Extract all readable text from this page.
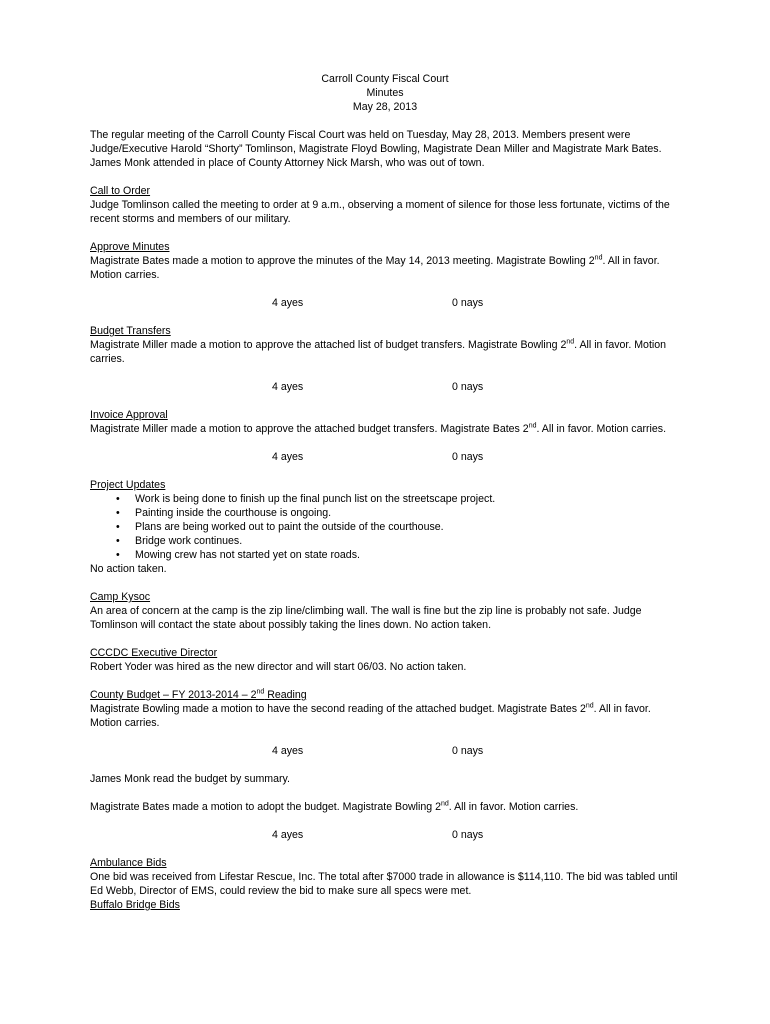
Carroll County Fiscal Court
Minutes
May 28, 2013

The regular meeting of the Carroll County Fiscal Court was held on Tuesday, May 28, 2013. Members present were Judge/Executive Harold “Shorty” Tomlinson, Magistrate Floyd Bowling, Magistrate Dean Miller and Magistrate Mark Bates. James Monk attended in place of County Attorney Nick Marsh, who was out of town.

Call to Order
Judge Tomlinson called the meeting to order at 9 a.m., observing a moment of silence for those less fortunate, victims of the recent storms and members of our military.
Approve Minutes
Magistrate Bates made a motion to approve the minutes of the May 14, 2013 meeting. Magistrate Bowling 2nd. All in favor. Motion carries.
4 ayes	0 nays
Budget Transfers
Magistrate Miller made a motion to approve the attached list of budget transfers. Magistrate Bowling 2nd. All in favor. Motion carries.
4 ayes	0 nays
Invoice Approval
Magistrate Miller made a motion to approve the attached budget transfers. Magistrate Bates 2nd. All in favor. Motion carries.
4 ayes	0 nays
Project Updates
• Work is being done to finish up the final punch list on the streetscape project.
• Painting inside the courthouse is ongoing.
• Plans are being worked out to paint the outside of the courthouse.
• Bridge work continues.
• Mowing crew has not started yet on state roads.
No action taken.
Camp Kysoc
An area of concern at the camp is the zip line/climbing wall. The wall is fine but the zip line is probably not safe. Judge Tomlinson will contact the state about possibly taking the lines down. No action taken.
CCCDC Executive Director
Robert Yoder was hired as the new director and will start 06/03. No action taken.
County Budget – FY 2013-2014 – 2nd Reading
Magistrate Bowling made a motion to have the second reading of the attached budget. Magistrate Bates 2nd. All in favor. Motion carries.
4 ayes	0 nays

James Monk read the budget by summary.

Magistrate Bates made a motion to adopt the budget. Magistrate Bowling 2nd. All in favor. Motion carries.

4 ayes	0 nays
Ambulance Bids
One bid was received from Lifestar Rescue, Inc. The total after $7000 trade in allowance is $114,110. The bid was tabled until Ed Webb, Director of EMS, could review the bid to make sure all specs were met.
Buffalo Bridge Bids
